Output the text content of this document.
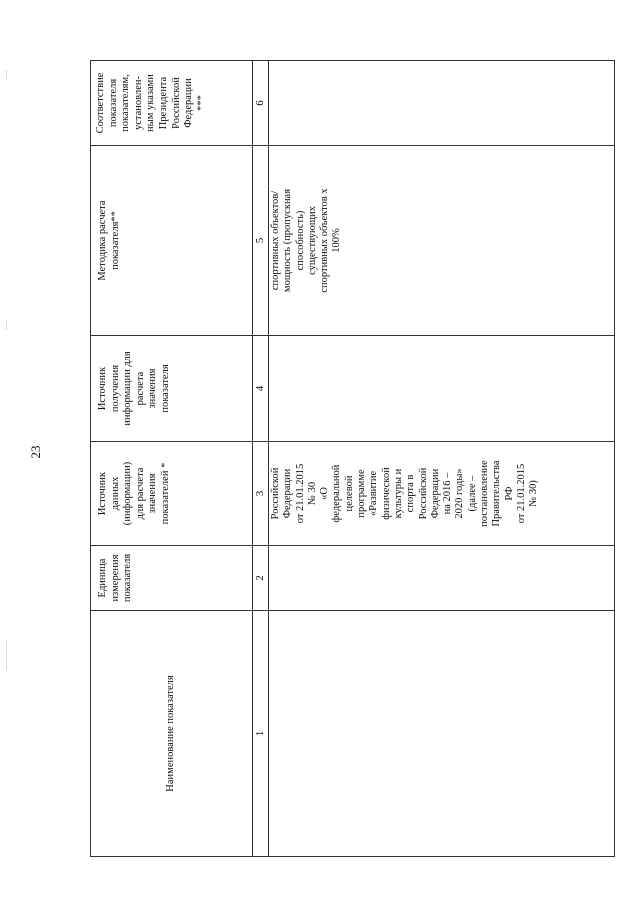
23
Наименование показателя
Единица измерения показателя
Источник данных (информации) для расчета значения показателей *
Источник получения информации для расчета значения показателя
Методика расчета показателя**
Соответствие показателя показателям, установлен- ным указами Президента Российской Федерации ***
1
2
3
4
5
6
Российской Федерации от 21.01.2015 № 30 «О федеральной целевой программе «Развитие физической культуры и спорта в Российской Федерации на 2016 – 2020 годы» (далее – постановление Правительства РФ от 21.01.2015 № 30)
спортивных объектов/ мощность (пропускная способность) существующих спортивных объектов х 100%
